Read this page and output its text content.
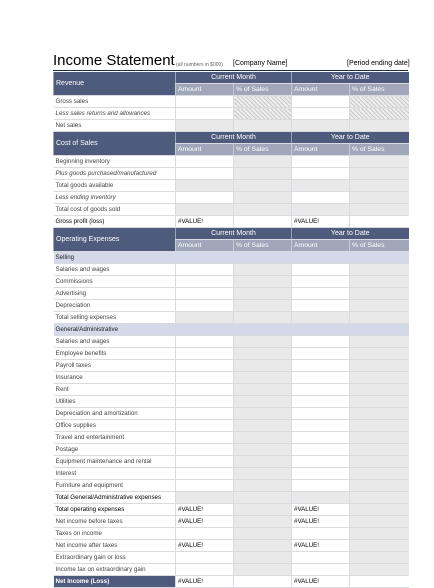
Income Statement (all numbers in $000) [Company Name]	[Period ending date]
Revenue	Current Month		Year to Date	
	Amount	% of Sales	Amount	% of Sales
Gross sales				
Less sales returns and allowances				
Net sales				
Cost of Sales	Current Month		Year to Date	
	Amount	% of Sales	Amount	% of Sales
Beginning inventory				
Plus goods purchased/manufactured				
Total goods available				
Less ending inventory				
Total cost of goods sold				
Gross profit (loss)	#VALUE!		#VALUE!	
Operating Expenses	Current Month		Year to Date	
	Amount	% of Sales	Amount	% of Sales
Selling				
Salaries and wages				
Commissions				
Advertising				
Depreciation				
Total selling expenses				
General/Administrative				
Salaries and wages				
Employee benefits				
Payroll taxes				
Insurance				
Rent				
Utilities				
Depreciation and amortization				
Office supplies				
Travel and entertainment				
Postage				
Equipment maintenance and rental				
Interest				
Furniture and equipment				
Total General/Administrative expenses				
Total operating expenses	#VALUE!		#VALUE!	
Net income before taxes	#VALUE!		#VALUE!	
Taxes on income				
Net income after taxes	#VALUE!		#VALUE!	
Extraordinary gain or loss				
Income tax on extraordinary gain				
Net Income (Loss)	#VALUE!		#VALUE!	
